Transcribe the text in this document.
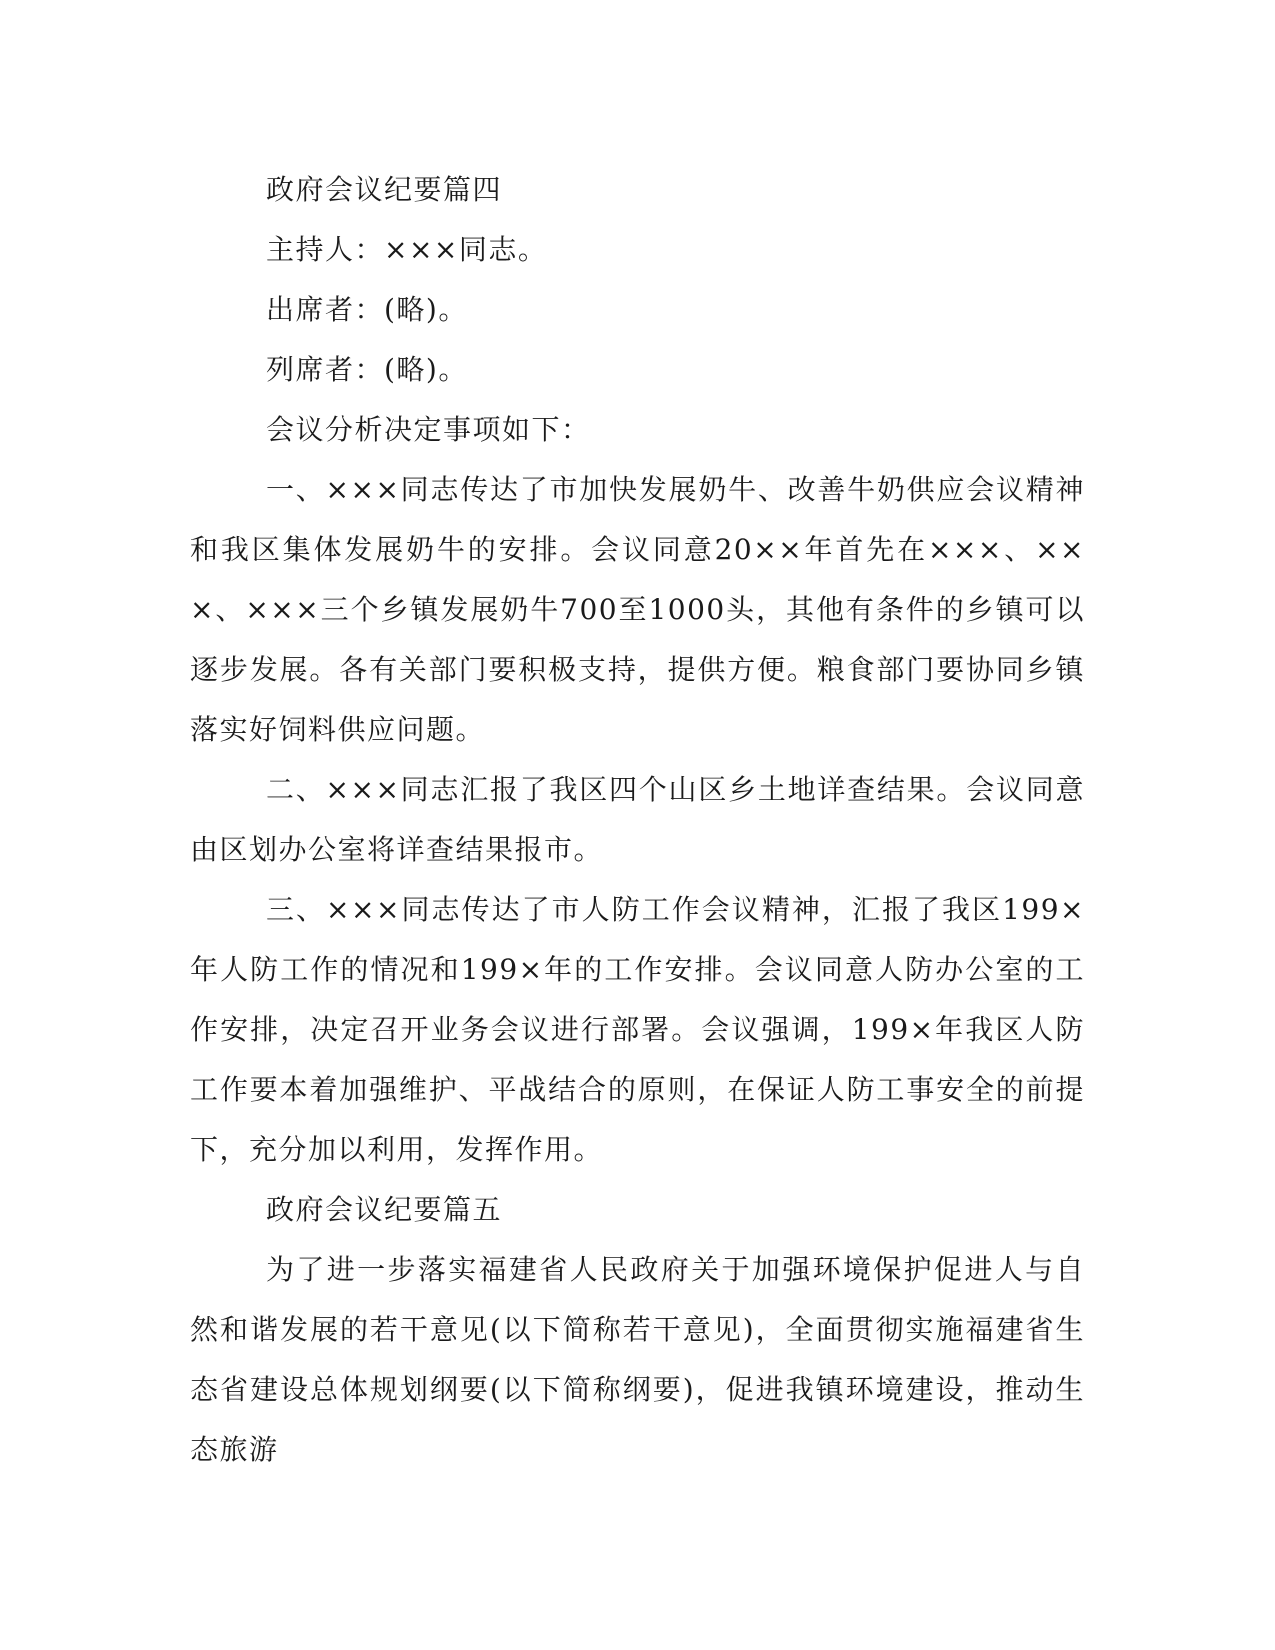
政府会议纪要篇四

主持人：×××同志。

出席者：(略)。

列席者：(略)。

会议分析决定事项如下：

一、×××同志传达了市加快发展奶牛、改善牛奶供应会议精神和我区集体发展奶牛的安排。会议同意20××年首先在×××、×××、×××三个乡镇发展奶牛700至1000头，其他有条件的乡镇可以逐步发展。各有关部门要积极支持，提供方便。粮食部门要协同乡镇落实好饲料供应问题。

二、×××同志汇报了我区四个山区乡土地详查结果。会议同意由区划办公室将详查结果报市。

三、×××同志传达了市人防工作会议精神，汇报了我区199×年人防工作的情况和199×年的工作安排。会议同意人防办公室的工作安排，决定召开业务会议进行部署。会议强调，199×年我区人防工作要本着加强维护、平战结合的原则，在保证人防工事安全的前提下，充分加以利用，发挥作用。

政府会议纪要篇五

为了进一步落实福建省人民政府关于加强环境保护促进人与自然和谐发展的若干意见(以下简称若干意见)，全面贯彻实施福建省生态省建设总体规划纲要(以下简称纲要)，促进我镇环境建设，推动生态旅游
